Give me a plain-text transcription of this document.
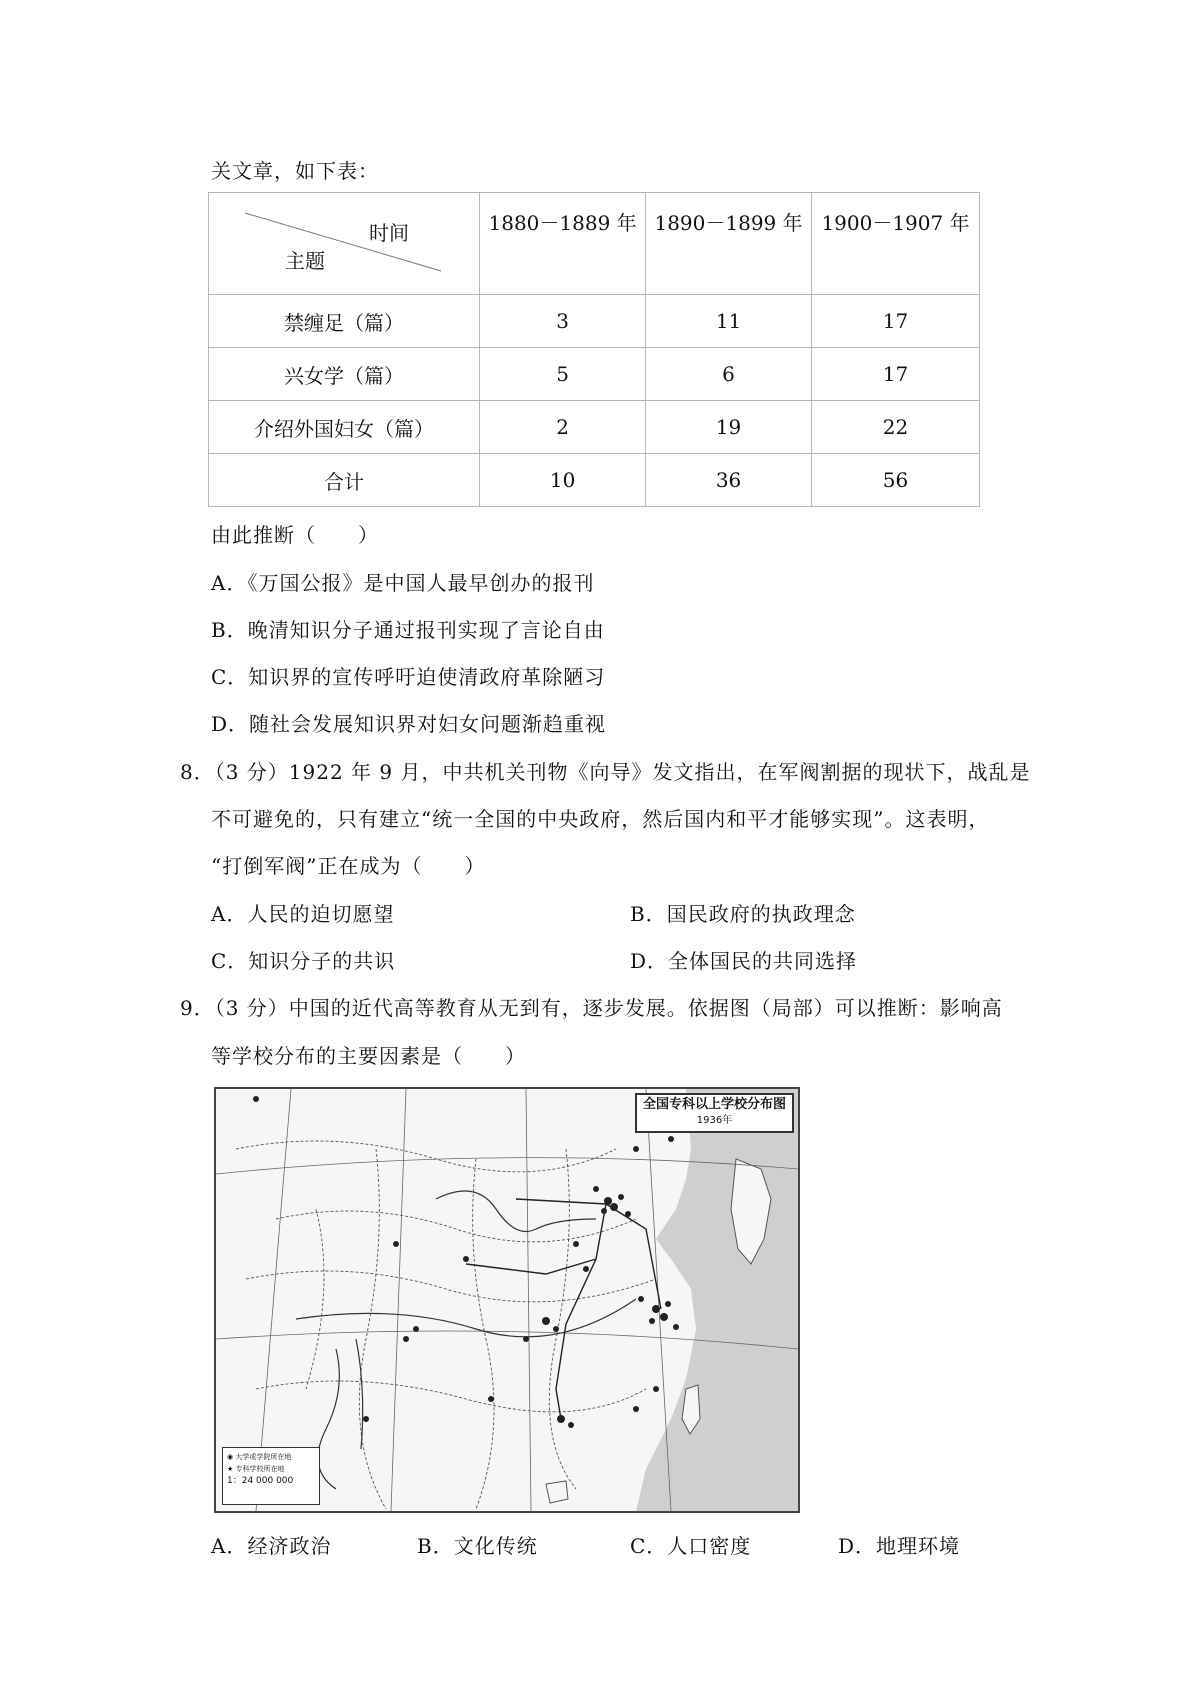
关文章，如下表：
时间
主题	1880－1889 年	1890－1899 年	1900－1907 年
禁缠足（篇）	3	11	17
兴女学（篇）	5	6	17
介绍外国妇女（篇）	2	19	22
合计	10	36	56
由此推断（　　）
A．《万国公报》是中国人最早创办的报刊
B．晚清知识分子通过报刊实现了言论自由
C．知识界的宣传呼吁迫使清政府革除陋习
D．随社会发展知识界对妇女问题渐趋重视
8．（3 分）1922 年 9 月，中共机关刊物《向导》发文指出，在军阀割据的现状下，战乱是
不可避免的，只有建立“统一全国的中央政府，然后国内和平才能够实现”。这表明，
“打倒军阀”正在成为（　　）
A．人民的迫切愿望	B．国民政府的执政理念
C．知识分子的共识	D．全体国民的共同选择
9．（3 分）中国的近代高等教育从无到有，逐步发展。依据图（局部）可以推断：影响高
等学校分布的主要因素是（　　）
全国专科以上学校分布图
1936年
◉ 大学或学院所在地
★ 专科学校所在地
1：24 000 000
A．经济政治	B．文化传统	C．人口密度	D．地理环境
